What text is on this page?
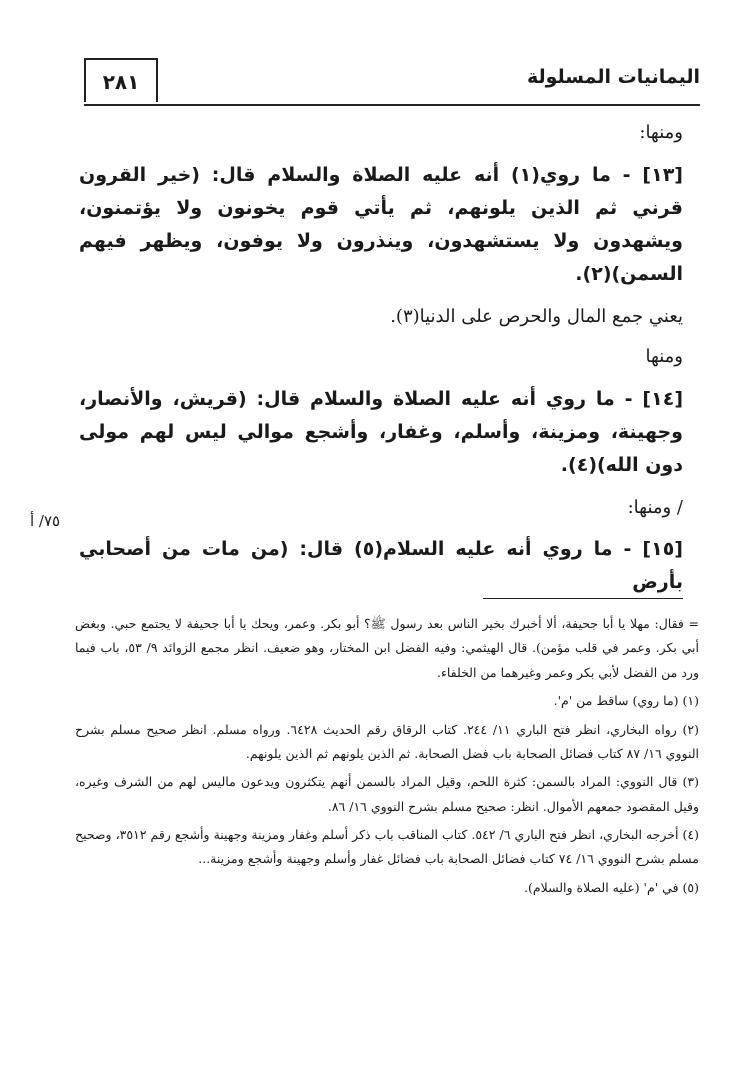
اليمانيات المسلولة
٢٨١
٧٥/ أ

ومنها:

[١٣] - ما روي(١) أنه عليه الصلاة والسلام قال: (خير القرون قرني ثم الذين يلونهم، ثم يأتي قوم يخونون ولا يؤتمنون، ويشهدون ولا يستشهدون، وينذرون ولا يوفون، ويظهر فيهم السمن)(٢).

يعني جمع المال والحرص على الدنيا(٣).

ومنها

[١٤] - ما روي أنه عليه الصلاة والسلام قال: (قريش، والأنصار، وجهينة، ومزينة، وأسلم، وغفار، وأشجع موالي ليس لهم مولى دون الله)(٤).

/ ومنها:

[١٥] - ما روي أنه عليه السلام(٥) قال: (من مات من أصحابي بأرض

= فقال: مهلا يا أبا جحيفة، ألا أخبرك بخير الناس بعد رسول ﷺ؟ أبو بكر. وعمر، ويحك يا أبا جحيفة لا يجتمع حبي. وبغض أبي بكر. وعمر في قلب مؤمن). قال الهيثمي: وفيه الفضل ابن المختار، وهو ضعيف. انظر مجمع الزوائد ٩/ ٥٣، باب فيما ورد من الفضل لأبي بكر وعمر وغيرهما من الخلفاء.

(١) (ما روي) ساقط من 'م'.

(٢) رواه البخاري، انظر فتح الباري ١١/ ٢٤٤. كتاب الرقاق رقم الحديث ٦٤٢٨. ورواه مسلم. انظر صحيح مسلم بشرح النووي ١٦/ ٨٧ كتاب فضائل الصحابة باب فضل الصحابة. ثم الذين يلونهم ثم الذين يلونهم.

(٣) قال النووي: المراد بالسمن: كثرة اللحم، وقيل المراد بالسمن أنهم يتكثرون ويدعون ماليس لهم من الشرف وغيره، وقيل المقصود جمعهم الأموال. انظر: صحيح مسلم بشرح النووي ١٦/ ٨٦.

(٤) أخرجه البخاري، انظر فتح الباري ٦/ ٥٤٢. كتاب المناقب باب ذكر أسلم وغفار ومزينة وجهينة وأشجع رقم ٣٥١٢، وصحيح مسلم بشرح النووي ١٦/ ٧٤ كتاب فضائل الصحابة باب فضائل غفار وأسلم وجهينة وأشجع ومزينة...

(٥) في 'م' (عليه الصلاة والسلام).
